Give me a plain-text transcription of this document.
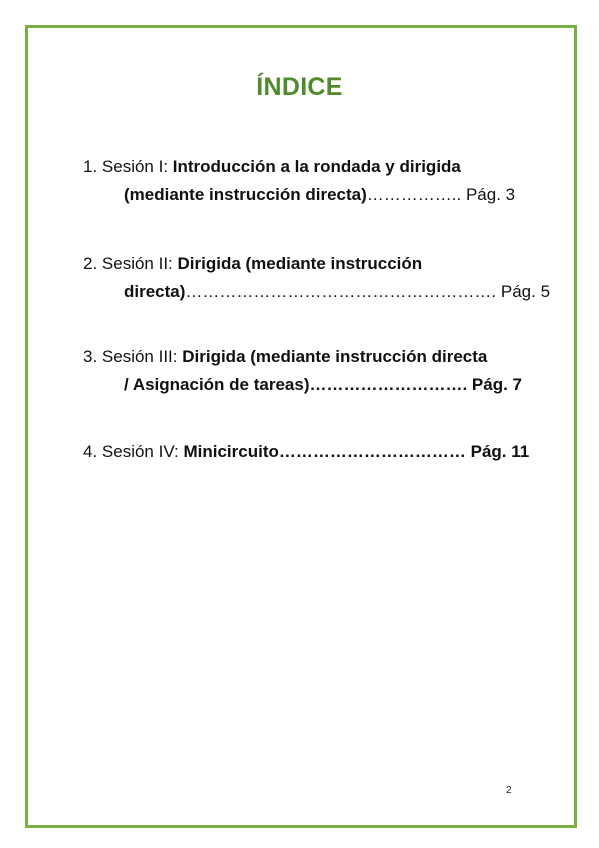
ÍNDICE
1. Sesión I: Introducción a la rondada y dirigida
(mediante instrucción directa)…………….. Pág. 3
2. Sesión II: Dirigida (mediante instrucción
directa)………………………………………………. Pág. 5
3. Sesión III: Dirigida (mediante instrucción directa
/ Asignación de tareas)………………………. Pág. 7
4. Sesión IV: Minicircuito…………………………… Pág. 11
2
